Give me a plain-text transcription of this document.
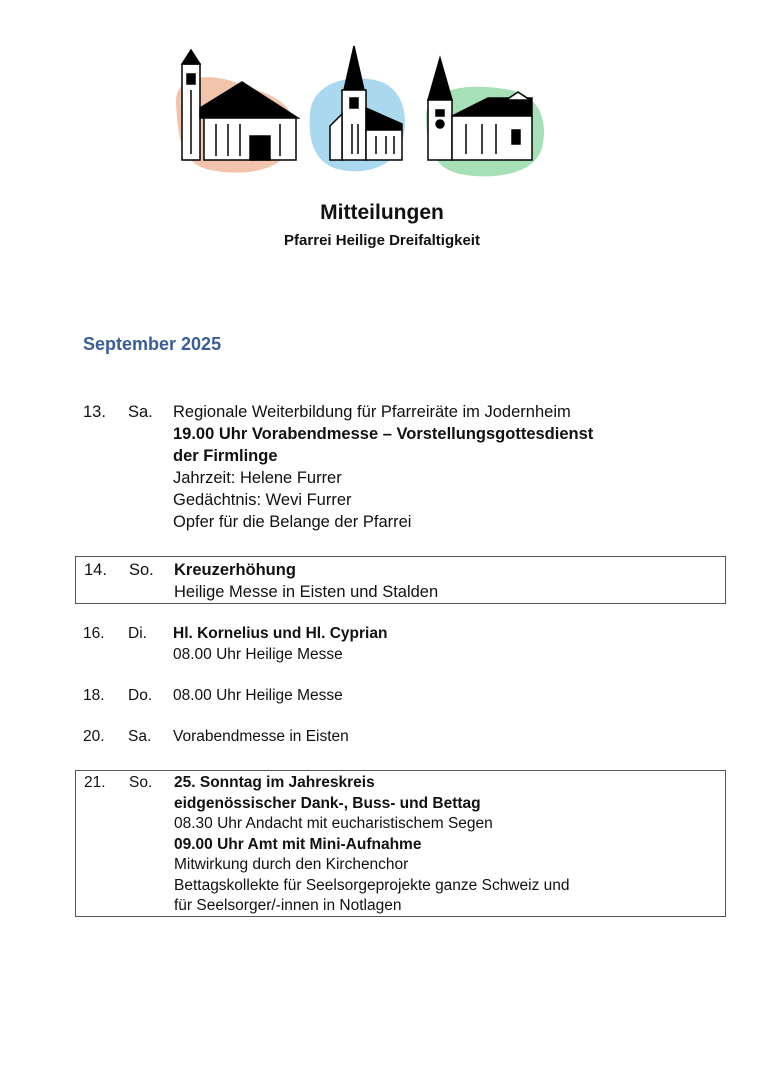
Mitteilungen
Pfarrei Heilige Dreifaltigkeit
September 2025
13. Sa. Regionale Weiterbildung für Pfarreiräte im Jodernheim
19.00 Uhr Vorabendmesse – Vorstellungsgottesdienst
der Firmlinge
Jahrzeit: Helene Furrer
Gedächtnis: Wevi Furrer
Opfer für die Belange der Pfarrei
14. So. Kreuzerhöhung
Heilige Messe in Eisten und Stalden
16. Di. Hl. Kornelius und Hl. Cyprian
08.00 Uhr Heilige Messe
18. Do. 08.00 Uhr Heilige Messe
20. Sa. Vorabendmesse in Eisten
21. So. 25. Sonntag im Jahreskreis
eidgenössischer Dank-, Buss- und Bettag
08.30 Uhr Andacht mit eucharistischem Segen
09.00 Uhr Amt mit Mini-Aufnahme
Mitwirkung durch den Kirchenchor
Bettagskollekte für Seelsorgeprojekte ganze Schweiz und
für Seelsorger/-innen in Notlagen
